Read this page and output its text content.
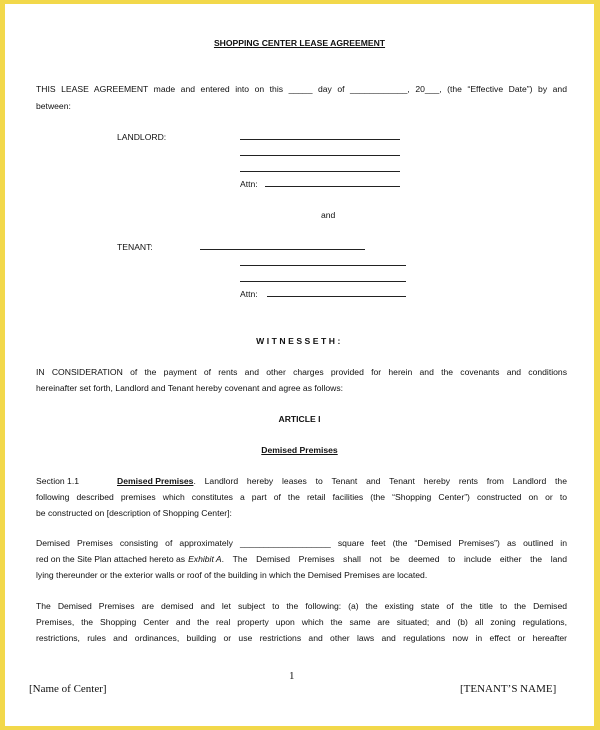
SHOPPING CENTER LEASE AGREEMENT
THIS LEASE AGREEMENT made and entered into on this _____ day of ____________, 20___, (the “Effective Date”) by and
between:
LANDLORD:
Attn:
and
TENANT:
Attn:
WITNESSETH:
IN CONSIDERATION of the payment of rents and other charges provided for herein and the covenants and conditions
hereinafter set forth, Landlord and Tenant hereby covenant and agree as follows:
ARTICLE I
Demised Premises
Section 1.1	Demised Premises . Landlord hereby leases to Tenant and Tenant hereby rents from Landlord the
following described premises which constitutes a part of the retail facilities (the “Shopping Center”) constructed on or to
be constructed on [description of Shopping Center]:
Demised Premises consisting of approximately ___________________ square feet (the “Demised Premises”) as outlined in
red on the Site Plan attached hereto as Exhibit A . The Demised Premises shall not be deemed to include either the land
lying thereunder or the exterior walls or roof of the building in which the Demised Premises are located.
The Demised Premises are demised and let subject to the following: (a) the existing state of the title to the Demised
Premises, the Shopping Center and the real property upon which the same are situated; and (b) all zoning regulations,
restrictions, rules and ordinances, building or use restrictions and other laws and regulations now in effect or hereafter
1
[Name of Center]	[TENANT’S NAME]
